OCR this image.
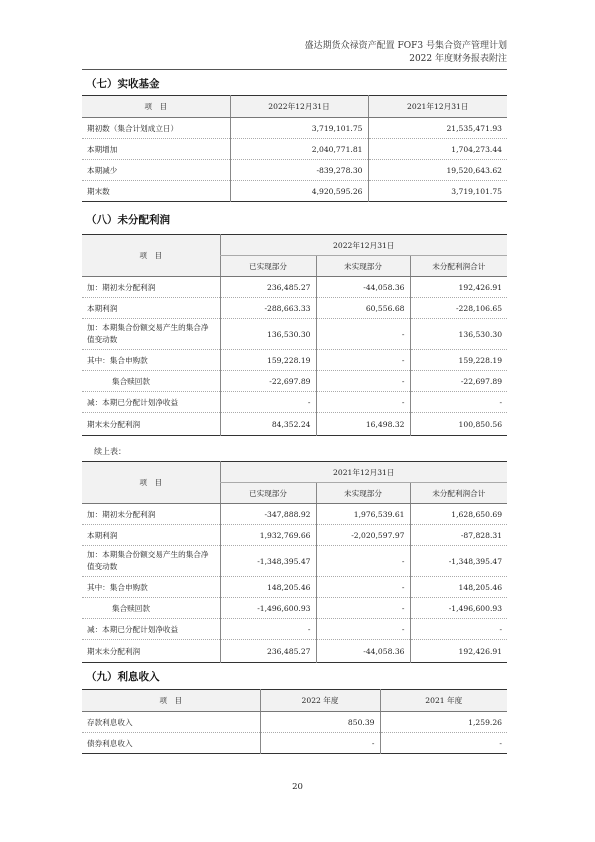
盛达期货众禄资产配置 FOF3 号集合资产管理计划
2022 年度财务报表附注
（七）实收基金
项　目	2022年12月31日	2021年12月31日
期初数（集合计划成立日）	3,719,101.75	21,535,471.93
本期增加	2,040,771.81	1,704,273.44
本期减少	-839,278.30	19,520,643.62
期末数	4,920,595.26	3,719,101.75
（八）未分配利润
项　目	2022年12月31日		
	已实现部分	未实现部分	未分配利润合计
加：期初未分配利润	236,485.27	-44,058.36	192,426.91
本期利润	-288,663.33	60,556.68	-228,106.65
加：本期集合份额交易产生的集合净值变动数	136,530.30	-	136,530.30
其中：集合申购款	159,228.19	-	159,228.19
集合赎回款	-22,697.89	-	-22,697.89
减：本期已分配计划净收益	-	-	-
期末未分配利润	84,352.24	16,498.32	100,850.56
续上表：
项　目	2021年12月31日		
	已实现部分	未实现部分	未分配利润合计
加：期初未分配利润	-347,888.92	1,976,539.61	1,628,650.69
本期利润	1,932,769.66	-2,020,597.97	-87,828.31
加：本期集合份额交易产生的集合净值变动数	-1,348,395.47	-	-1,348,395.47
其中：集合申购款	148,205.46	-	148,205.46
集合赎回款	-1,496,600.93	-	-1,496,600.93
减：本期已分配计划净收益	-	-	-
期末未分配利润	236,485.27	-44,058.36	192,426.91
（九）利息收入
项　目	2022 年度	2021 年度
存款利息收入	850.39	1,259.26
债券利息收入	-	-
20
